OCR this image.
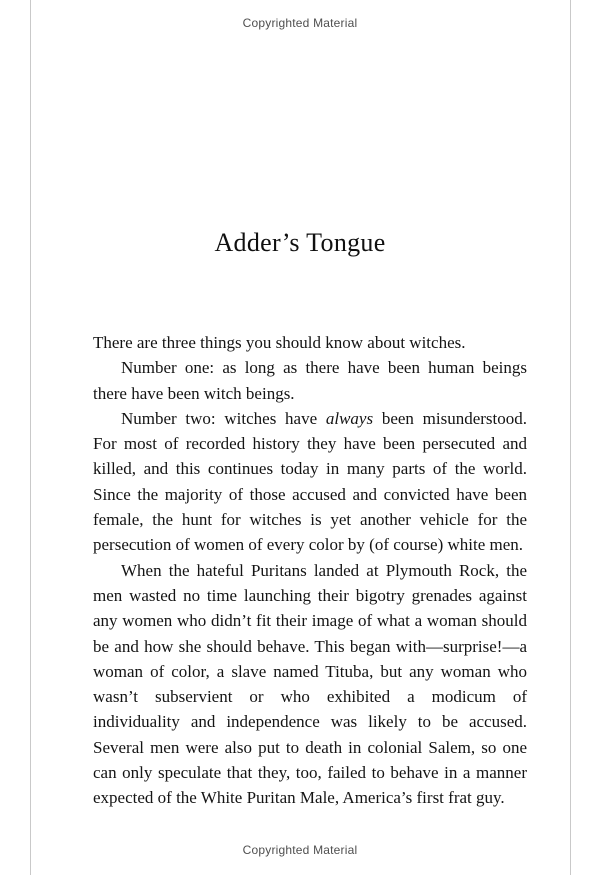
Copyrighted Material
Adder’s Tongue

There are three things you should know about witches.

Number one: as long as there have been human beings there have been witch beings.

Number two: witches have always been misunderstood. For most of recorded history they have been persecuted and killed, and this continues today in many parts of the world. Since the majority of those accused and convicted have been female, the hunt for witches is yet another vehicle for the persecution of women of every color by (of course) white men.

When the hateful Puritans landed at Plymouth Rock, the men wasted no time launching their bigotry grenades against any women who didn’t fit their image of what a woman should be and how she should behave. This began with—surprise!—a woman of color, a slave named Tituba, but any woman who wasn’t subservient or who exhibited a modicum of individuality and independence was likely to be accused. Several men were also put to death in colonial Salem, so one can only speculate that they, too, failed to behave in a manner expected of the White Puritan Male, America’s first frat guy.

Copyrighted Material
